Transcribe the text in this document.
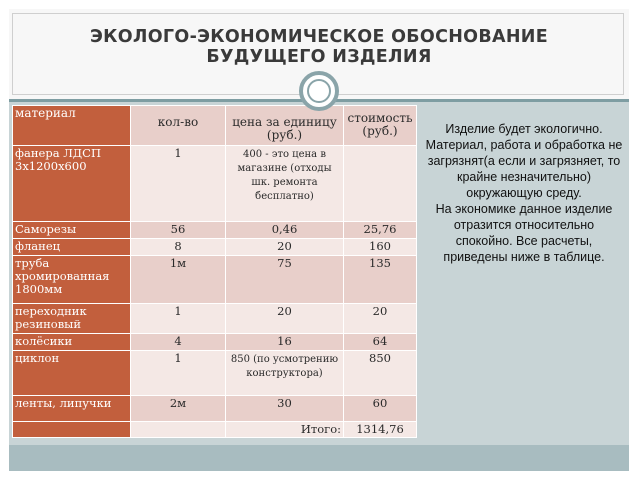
ЭКОЛОГО-ЭКОНОМИЧЕСКОЕ ОБОСНОВАНИЕ
БУДУЩЕГО ИЗДЕЛИЯ
материал	кол-во	цена за единицу (руб.)	стоимость (руб.)
фанера ЛДСП 3х1200х600	1	400 - это цена в магазине (отходы шк. ремонта бесплатно)	
Саморезы	56	0,46	25,76
фланец	8	20	160
труба хромированная 1800мм	1м	75	135
переходник резиновый	1	20	20
колёсики	4	16	64
циклон	1	850 (по усмотрению конструктора)	850
ленты, липучки	2м	30	60
		Итого:	1314,76
Изделие будет экологично. Материал, работа и обработка не загрязнят(а если и загрязняет, то крайне незначительно) окружающую среду.
На экономике данное изделие отразится относительно спокойно. Все расчеты, приведены ниже в таблице.
